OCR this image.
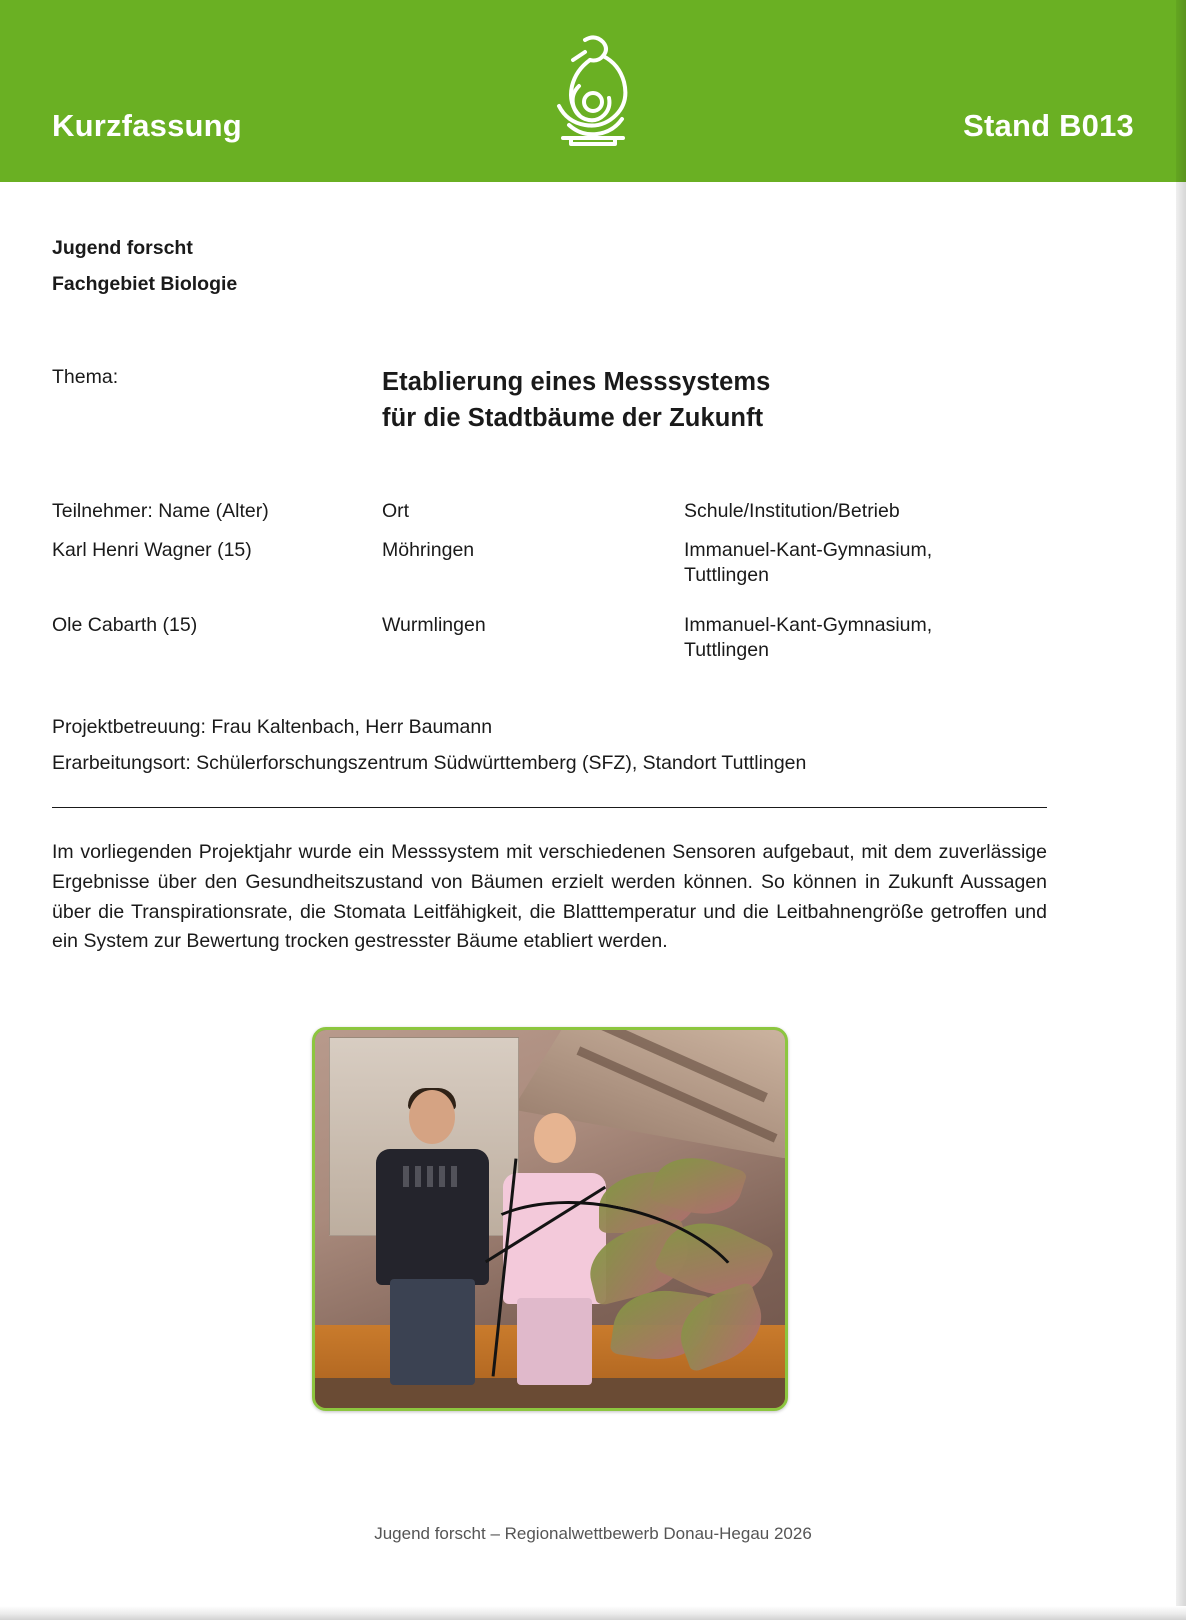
Kurzfassung	Stand B013
Jugend forscht
Fachgebiet Biologie
Thema:	Etablierung eines Messsystems
für die Stadtbäume der Zukunft
Teilnehmer: Name (Alter)	Ort	Schule/Institution/Betrieb
Karl Henri Wagner (15)	Möhringen	Immanuel-Kant-Gymnasium,
Tuttlingen
Ole Cabarth (15)	Wurmlingen	Immanuel-Kant-Gymnasium,
Tuttlingen
Projektbetreuung: Frau Kaltenbach, Herr Baumann
Erarbeitungsort: Schülerforschungszentrum Südwürttemberg (SFZ), Standort Tuttlingen
Im vorliegenden Projektjahr wurde ein Messsystem mit verschiedenen Sensoren aufgebaut, mit dem zuverlässige Ergebnisse über den Gesundheitszustand von Bäumen erzielt werden können. So können in Zukunft Aussagen über die Transpirationsrate, die Stomata Leitfähigkeit, die Blatttemperatur und die Leitbahnengröße getroffen und ein System zur Bewertung trocken gestresster Bäume etabliert werden.
Jugend forscht – Regionalwettbewerb Donau-Hegau 2026
